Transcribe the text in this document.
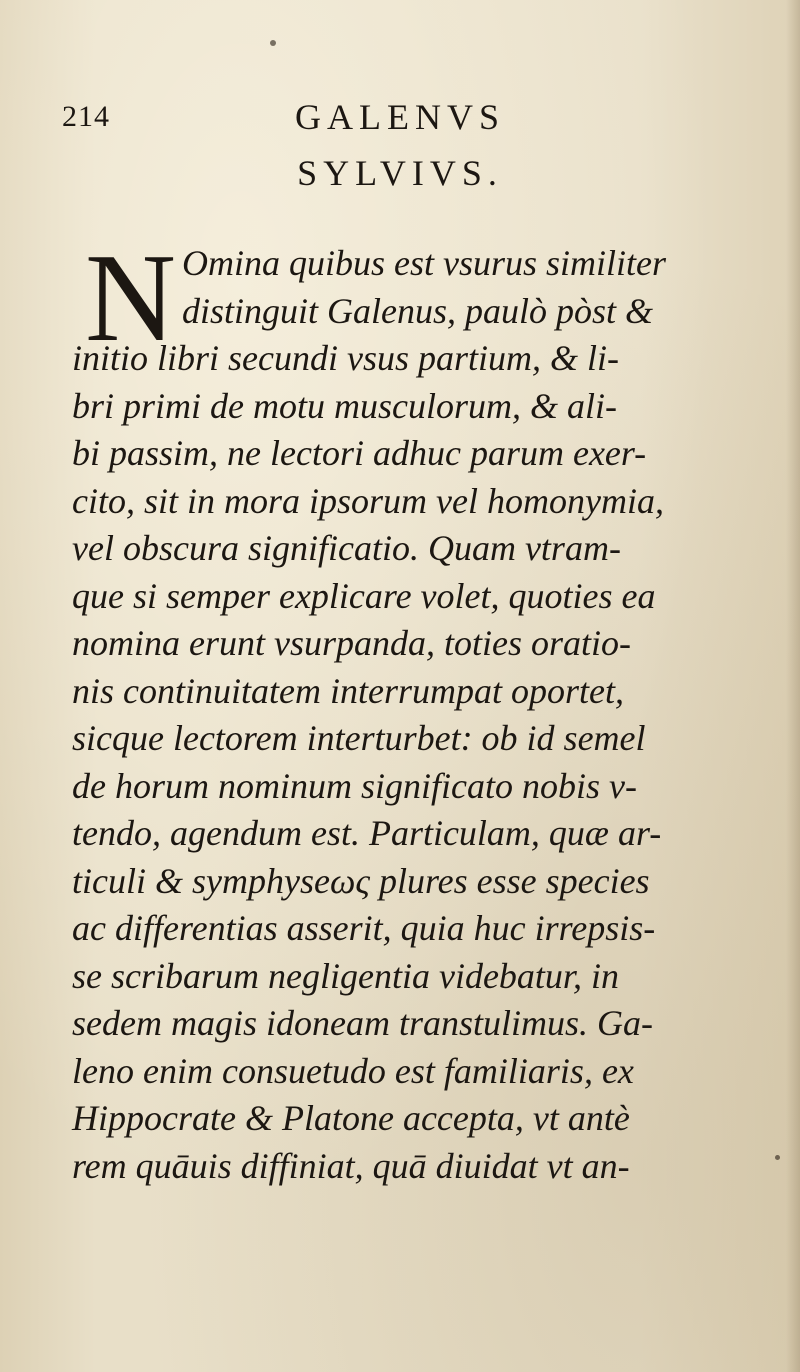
214	GALENVS
SYLVIVS.
N Omina quibus est vsurus similiter
distinguit Galenus, paulò pòst &
initio libri secundi vsus partium, & li-
bri primi de motu musculorum, & ali-
bi passim, ne lectori adhuc parum exer-
cito, sit in mora ipsorum vel homonymia,
vel obscura significatio. Quam vtram-
que si semper explicare volet, quoties ea
nomina erunt vsurpanda, toties oratio-
nis continuitatem interrumpat oportet,
sicque lectorem interturbet: ob id semel
de horum nominum significato nobis v-
tendo, agendum est. Particulam, quæ ar-
ticuli & symphyseως plures esse species
ac differentias asserit, quia huc irrepsis-
se scribarum negligentia videbatur, in
sedem magis idoneam transtulimus. Ga-
leno enim consuetudo est familiaris, ex
Hippocrate & Platone accepta, vt antè
rem quāuis diffiniat, quā diuidat vt an-
